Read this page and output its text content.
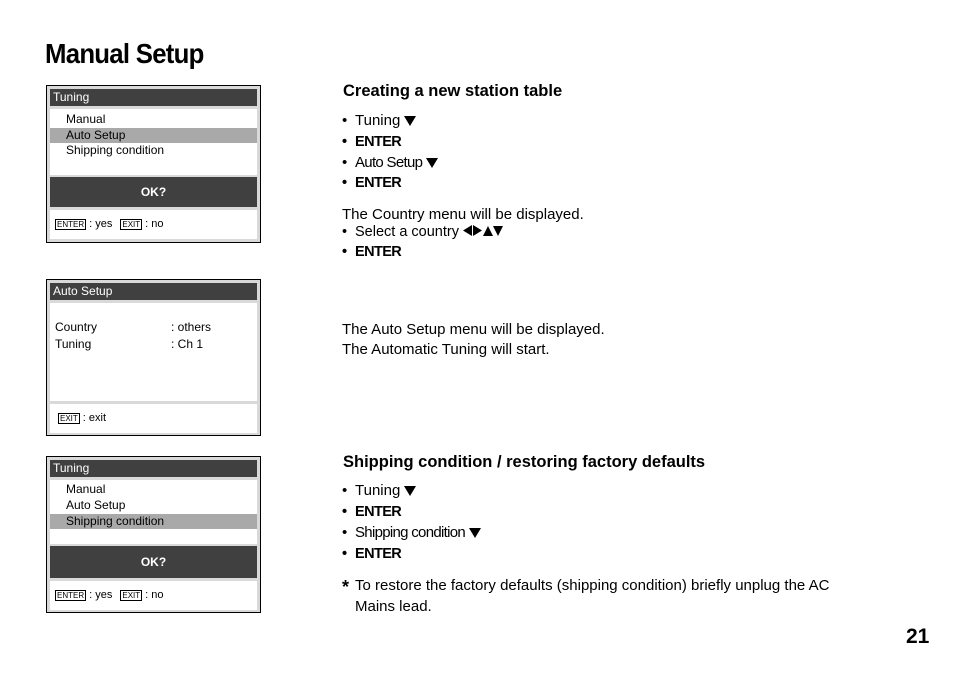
Manual Setup
Tuning
Manual
Auto Setup
Shipping condition
OK?
ENTER : yes EXIT : no
Auto Setup
Country	: others
Tuning	: Ch 1
EXIT : exit
Tuning
Manual
Auto Setup
Shipping condition
OK?
ENTER : yes EXIT : no
Creating a new station table
• Tuning
• ENTER
• Auto Setup
• ENTER
The Country menu will be displayed.
• Select a country
• ENTER
The Auto Setup menu will be displayed.
The Automatic Tuning will start.
Shipping condition / restoring factory defaults
• Tuning
• ENTER
• Shipping condition
• ENTER
* To restore the factory defaults (shipping condition) briefly unplug the AC Mains lead.
21
